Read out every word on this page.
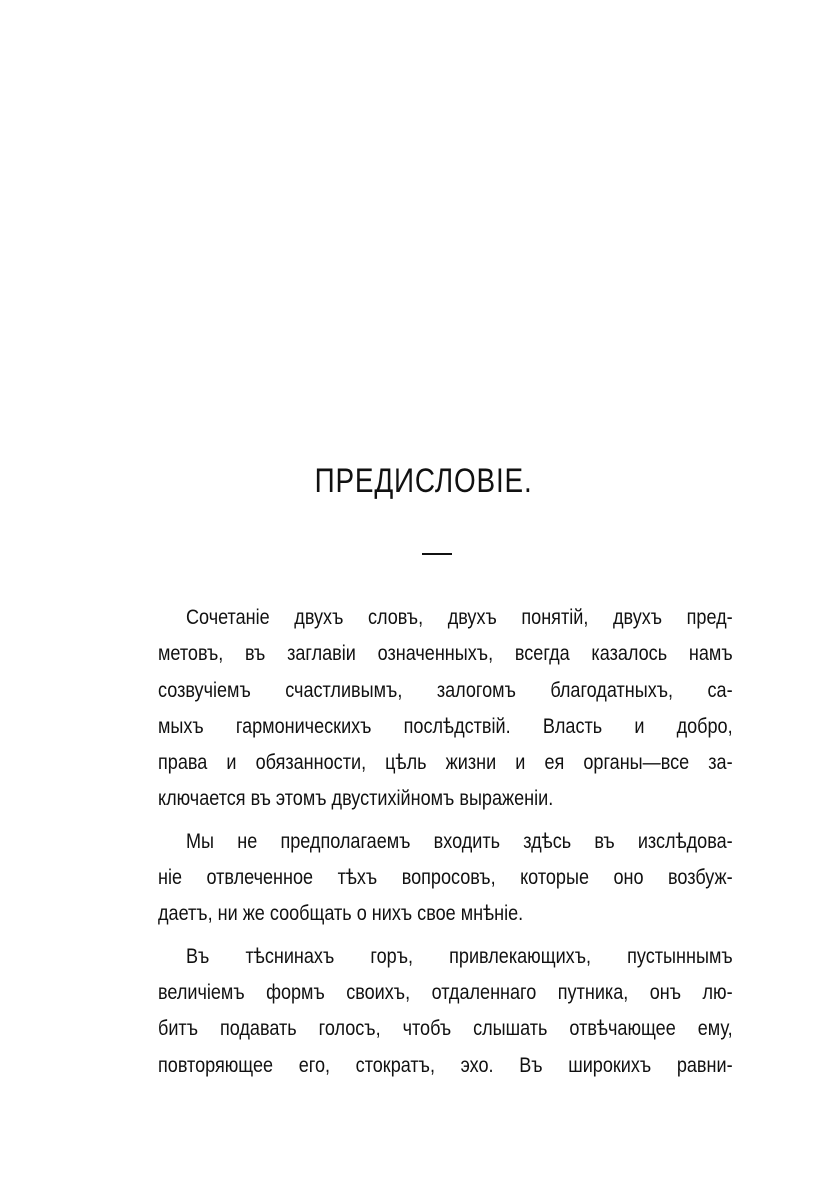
ПРЕДИСЛОВІЕ.
Сочетаніе двухъ словъ, двухъ понятій, двухъ пред-
метовъ, въ заглавіи означенныхъ, всегда казалось намъ
созвучіемъ счастливымъ, залогомъ благодатныхъ, са-
мыхъ гармоническихъ послѣдствій. Власть и добро,
права и обязанности, цѣль жизни и ея органы—все за-
ключается въ этомъ двустихійномъ выраженіи.
Мы не предполагаемъ входить здѣсь въ изслѣдова-
ніе отвлеченное тѣхъ вопросовъ, которые оно возбуж-
даетъ, ни же сообщать о нихъ свое мнѣніе.
Въ тѣснинахъ горъ, привлекающихъ, пустыннымъ
величіемъ формъ своихъ, отдаленнаго путника, онъ лю-
битъ подавать голосъ, чтобъ слышать отвѣчающее ему,
повторяющее его, стократъ, эхо. Въ широкихъ равни-
